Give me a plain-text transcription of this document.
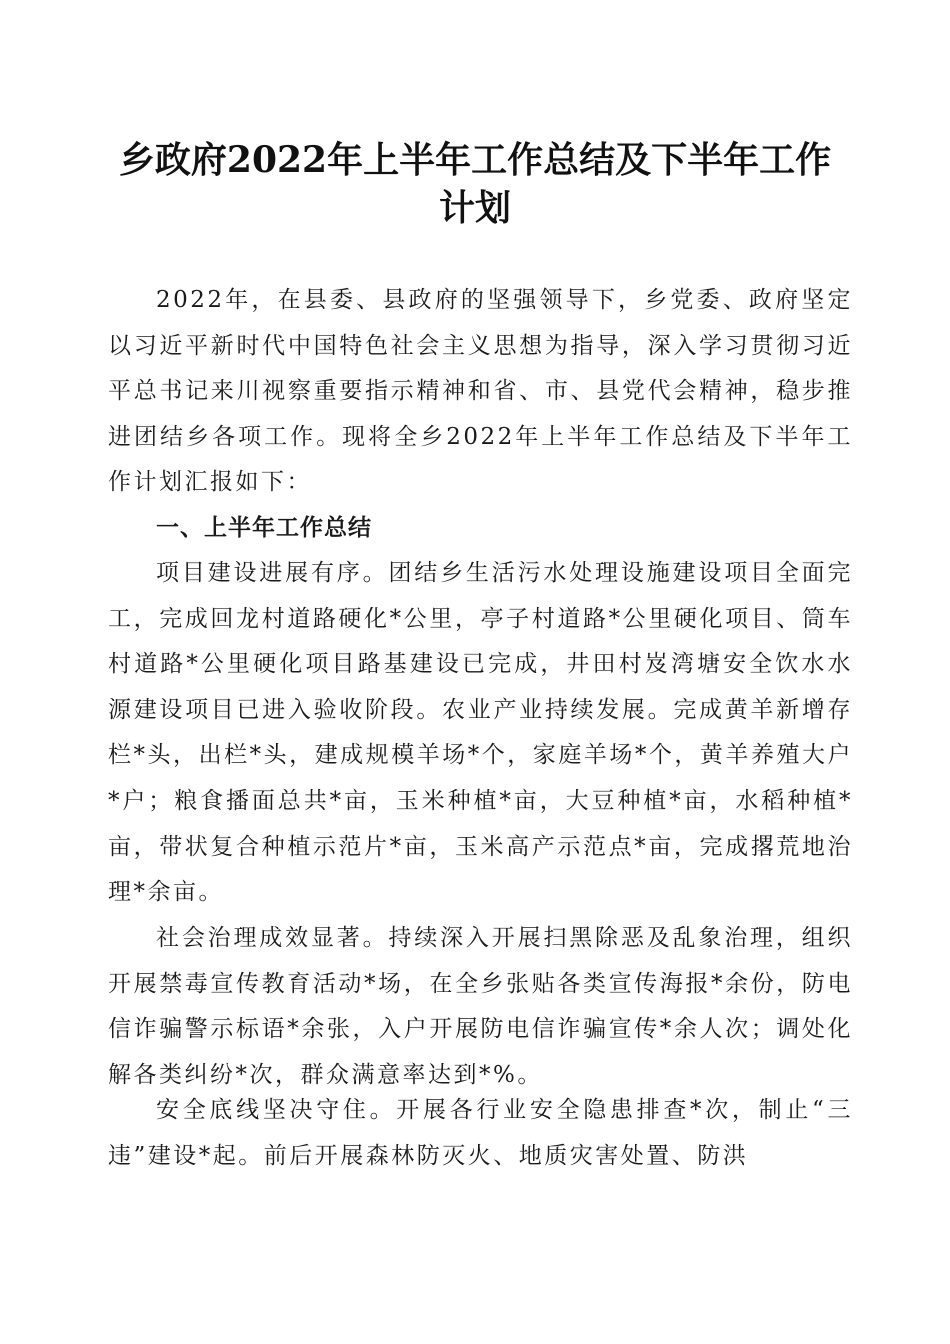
乡政府2022年上半年工作总结及下半年工作
计划

2022年，在县委、县政府的坚强领导下，乡党委、政府坚定以习近平新时代中国特色社会主义思想为指导，深入学习贯彻习近平总书记来川视察重要指示精神和省、市、县党代会精神，稳步推进团结乡各项工作。现将全乡2022年上半年工作总结及下半年工作计划汇报如下：

一、上半年工作总结

项目建设进展有序。团结乡生活污水处理设施建设项目全面完工，完成回龙村道路硬化*公里，亭子村道路*公里硬化项目、筒车村道路*公里硬化项目路基建设已完成，井田村岌湾塘安全饮水水源建设项目已进入验收阶段。农业产业持续发展。完成黄羊新增存栏*头，出栏*头，建成规模羊场*个，家庭羊场*个，黄羊养殖大户*户；粮食播面总共*亩，玉米种植*亩，大豆种植*亩，水稻种植*亩，带状复合种植示范片*亩，玉米高产示范点*亩，完成撂荒地治理*余亩。

社会治理成效显著。持续深入开展扫黑除恶及乱象治理，组织开展禁毒宣传教育活动*场，在全乡张贴各类宣传海报*余份，防电信诈骗警示标语*余张，入户开展防电信诈骗宣传*余人次；调处化解各类纠纷*次，群众满意率达到*%。

安全底线坚决守住。开展各行业安全隐患排查*次，制止“三违”建设*起。前后开展森林防灭火、地质灾害处置、防洪
